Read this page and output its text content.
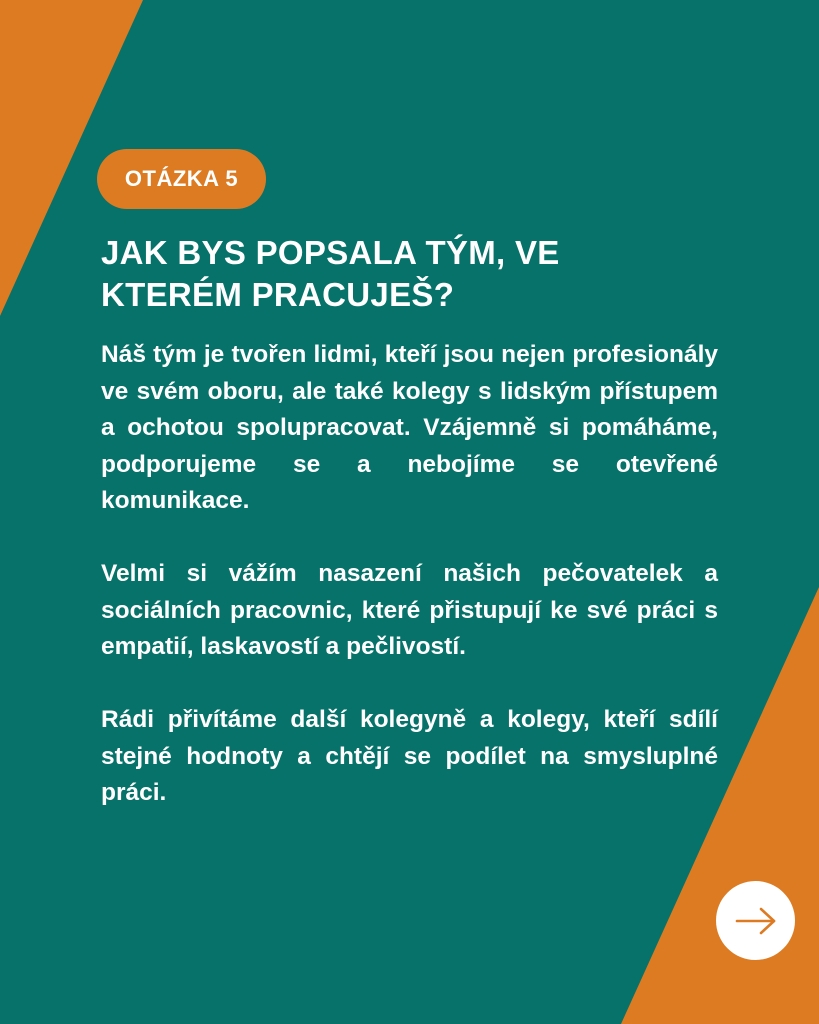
OTÁZKA 5
JAK BYS POPSALA TÝM, VE
KTERÉM PRACUJEŠ?

Náš tým je tvořen lidmi, kteří jsou nejen profesionály ve svém oboru, ale také kolegy s lidským přístupem a ochotou spolupracovat. Vzájemně si pomáháme, podporujeme se a nebojíme se otevřené komunikace.

Velmi si vážím nasazení našich pečovatelek a sociálních pracovnic, které přistupují ke své práci s empatií, laskavostí a pečlivostí.

Rádi přivítáme další kolegyně a kolegy, kteří sdílí stejné hodnoty a chtějí se podílet na smysluplné práci.
